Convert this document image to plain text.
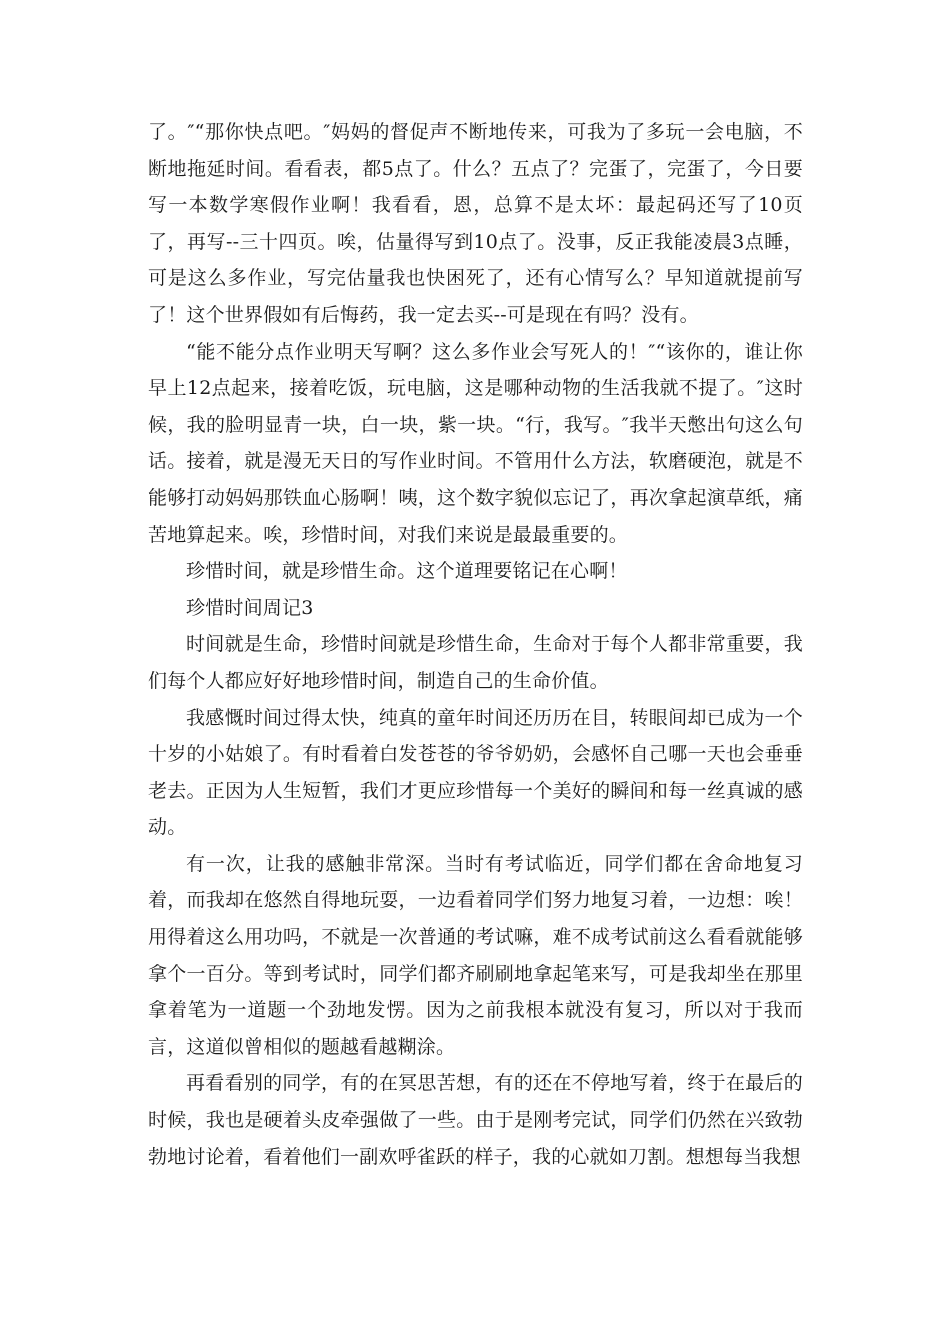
了。″“那你快点吧。″妈妈的督促声不断地传来，可我为了多玩一会电脑，不断地拖延时间。看看表，都5点了。什么？五点了？完蛋了，完蛋了，今日要写一本数学寒假作业啊！我看看，恩，总算不是太坏：最起码还写了10页了，再写--三十四页。唉，估量得写到10点了。没事，反正我能凌晨3点睡，可是这么多作业，写完估量我也快困死了，还有心情写么？早知道就提前写了！这个世界假如有后悔药，我一定去买--可是现在有吗？没有。

“能不能分点作业明天写啊？这么多作业会写死人的！″“该你的，谁让你早上12点起来，接着吃饭，玩电脑，这是哪种动物的生活我就不提了。″这时候，我的脸明显青一块，白一块，紫一块。“行，我写。″我半天憋出句这么句话。接着，就是漫无天日的写作业时间。不管用什么方法，软磨硬泡，就是不能够打动妈妈那铁血心肠啊！咦，这个数字貌似忘记了，再次拿起演草纸，痛苦地算起来。唉，珍惜时间，对我们来说是最最重要的。

珍惜时间，就是珍惜生命。这个道理要铭记在心啊！

珍惜时间周记3

时间就是生命，珍惜时间就是珍惜生命，生命对于每个人都非常重要，我们每个人都应好好地珍惜时间，制造自己的生命价值。

我感慨时间过得太快，纯真的童年时间还历历在目，转眼间却已成为一个十岁的小姑娘了。有时看着白发苍苍的爷爷奶奶，会感怀自己哪一天也会垂垂老去。正因为人生短暂，我们才更应珍惜每一个美好的瞬间和每一丝真诚的感动。

有一次，让我的感触非常深。当时有考试临近，同学们都在舍命地复习着，而我却在悠然自得地玩耍，一边看着同学们努力地复习着，一边想：唉！用得着这么用功吗，不就是一次普通的考试嘛，难不成考试前这么看看就能够拿个一百分。等到考试时，同学们都齐刷刷地拿起笔来写，可是我却坐在那里拿着笔为一道题一个劲地发愣。因为之前我根本就没有复习，所以对于我而言，这道似曾相似的题越看越糊涂。

再看看别的同学，有的在冥思苦想，有的还在不停地写着，终于在最后的时候，我也是硬着头皮牵强做了一些。由于是刚考完试，同学们仍然在兴致勃勃地讨论着，看着他们一副欢呼雀跃的样子，我的心就如刀割。想想每当我想
